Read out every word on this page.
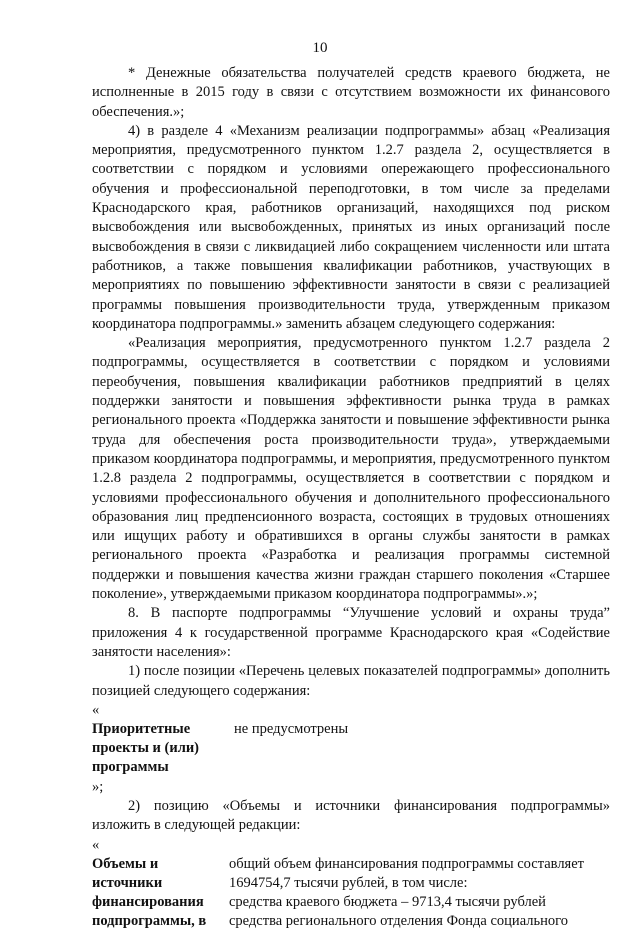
10

* Денежные обязательства получателей средств краевого бюджета, не исполненные в 2015 году в связи с отсутствием возможности их финансового обеспечения.»;

4) в разделе 4 «Механизм реализации подпрограммы» абзац «Реализация мероприятия, предусмотренного пунктом 1.2.7 раздела 2, осуществляется в соответствии с порядком и условиями опережающего профессионального обучения и профессиональной переподготовки, в том числе за пределами Краснодарского края, работников организаций, находящихся под риском высвобождения или высвобожденных, принятых из иных организаций после высвобождения в связи с ликвидацией либо сокращением численности или штата работников, а также повышения квалификации работников, участвующих в мероприятиях по повышению эффективности занятости в связи с реализацией программы повышения производительности труда, утвержденным приказом координатора подпрограммы.» заменить абзацем следующего содержания:

«Реализация мероприятия, предусмотренного пунктом 1.2.7 раздела 2 подпрограммы, осуществляется в соответствии с порядком и условиями переобучения, повышения квалификации работников предприятий в целях поддержки занятости и повышения эффективности рынка труда в рамках регионального проекта «Поддержка занятости и повышение эффективности рынка труда для обеспечения роста производительности труда», утверждаемыми приказом координатора подпрограммы, и мероприятия, предусмотренного пунктом 1.2.8 раздела 2 подпрограммы, осуществляется в соответствии с порядком и условиями профессионального обучения и дополнительного профессионального образования лиц предпенсионного возраста, состоящих в трудовых отношениях или ищущих работу и обратившихся в органы службы занятости в рамках регионального проекта «Разработка и реализация программы системной поддержки и повышения качества жизни граждан старшего поколения «Старшее поколение», утверждаемыми приказом координатора подпрограммы».»;

8. В паспорте подпрограммы “Улучшение условий и охраны труда” приложения 4 к государственной программе Краснодарского края «Содействие занятости населения»:

1) после позиции «Перечень целевых показателей подпрограммы» дополнить позицией следующего содержания:

«

Приоритетные проекты и (или) программы
не предусмотрены

»;

2) позицию «Объемы и источники финансирования подпрограммы» изложить в следующей редакции:

«

Объемы и источники финансирования подпрограммы, в
общий объем финансирования подпрограммы составляет
1694754,7 тысячи рублей, в том числе:
средства краевого бюджета – 9713,4 тысячи рублей
средства регионального отделения Фонда социального
